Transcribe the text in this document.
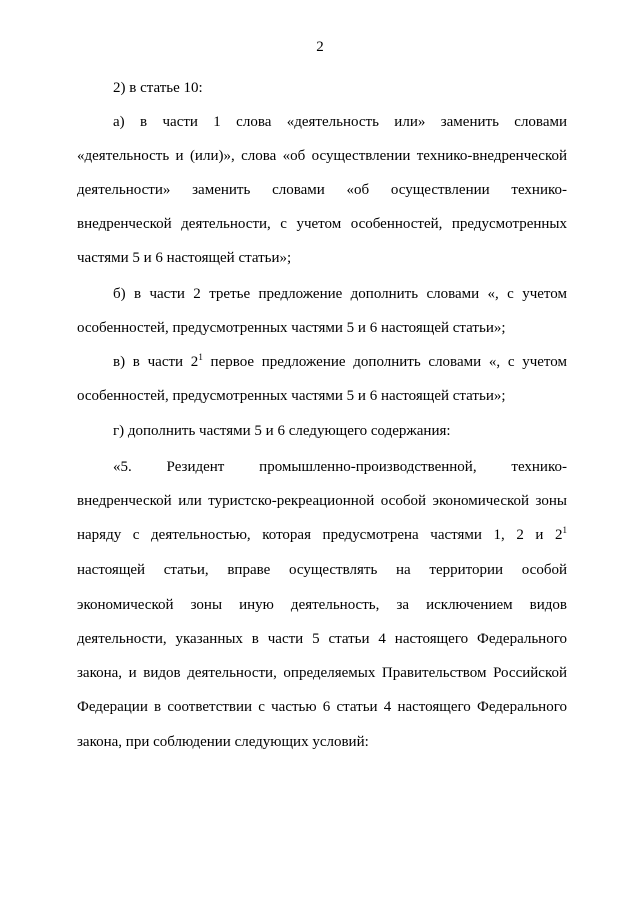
2
2) в статье 10:
а) в части 1 слова «деятельность или» заменить словами
«деятельность и (или)», слова «об осуществлении технико-внедренческой
деятельности» заменить словами «об осуществлении технико-
внедренческой деятельности, с учетом особенностей, предусмотренных
частями 5 и 6 настоящей статьи»;
б) в части 2 третье предложение дополнить словами «, с учетом
особенностей, предусмотренных частями 5 и 6 настоящей статьи»;
в) в части $2^1$ первое предложение дополнить словами «, с учетом
особенностей, предусмотренных частями 5 и 6 настоящей статьи»;
г) дополнить частями 5 и 6 следующего содержания:
«5. Резидент промышленно-производственной, технико-
внедренческой или туристско-рекреационной особой экономической зоны
наряду с деятельностью, которая предусмотрена частями 1, 2 и $2^1$
настоящей статьи, вправе осуществлять на территории особой
экономической зоны иную деятельность, за исключением видов
деятельности, указанных в части 5 статьи 4 настоящего Федерального
закона, и видов деятельности, определяемых Правительством Российской
Федерации в соответствии с частью 6 статьи 4 настоящего Федерального
закона, при соблюдении следующих условий:
